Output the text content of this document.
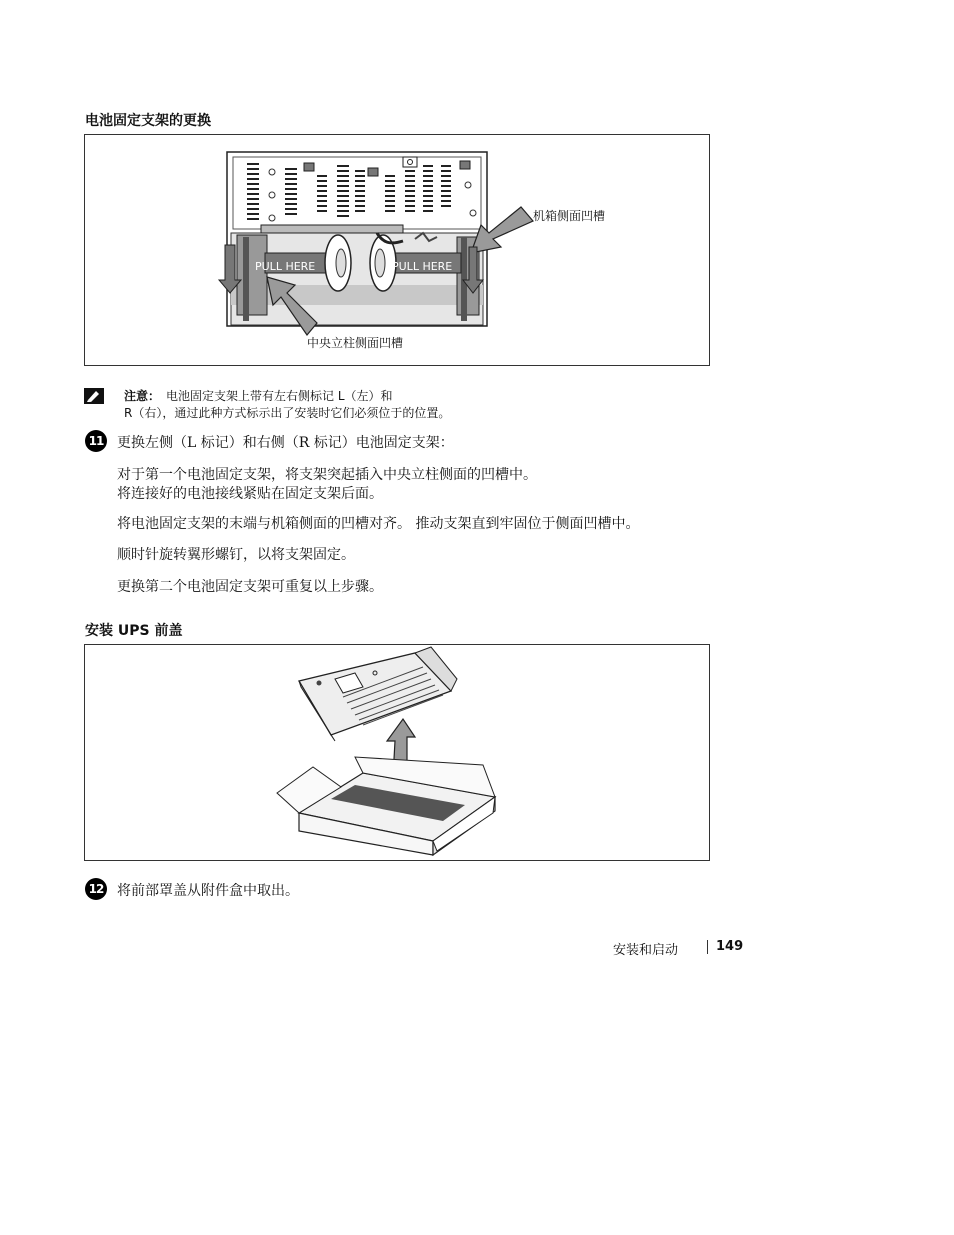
电池固定支架的更换
PULL HERE	PULL HERE
机箱侧面凹槽
中央立柱侧面凹槽
注意： 电池固定支架上带有左右侧标记 L（左）和
R（右），通过此种方式标示出了安装时它们必须位于的位置。
11 更换左侧（L 标记）和右侧（R 标记）电池固定支架：
对于第一个电池固定支架，将支架突起插入中央立柱侧面的凹槽中。
将连接好的电池接线紧贴在固定支架后面。
将电池固定支架的末端与机箱侧面的凹槽对齐。 推动支架直到牢固位于侧面凹槽中。
顺时针旋转翼形螺钉，以将支架固定。
更换第二个电池固定支架可重复以上步骤。
安装 UPS 前盖
12 将前部罩盖从附件盒中取出。
安装和启动	149
